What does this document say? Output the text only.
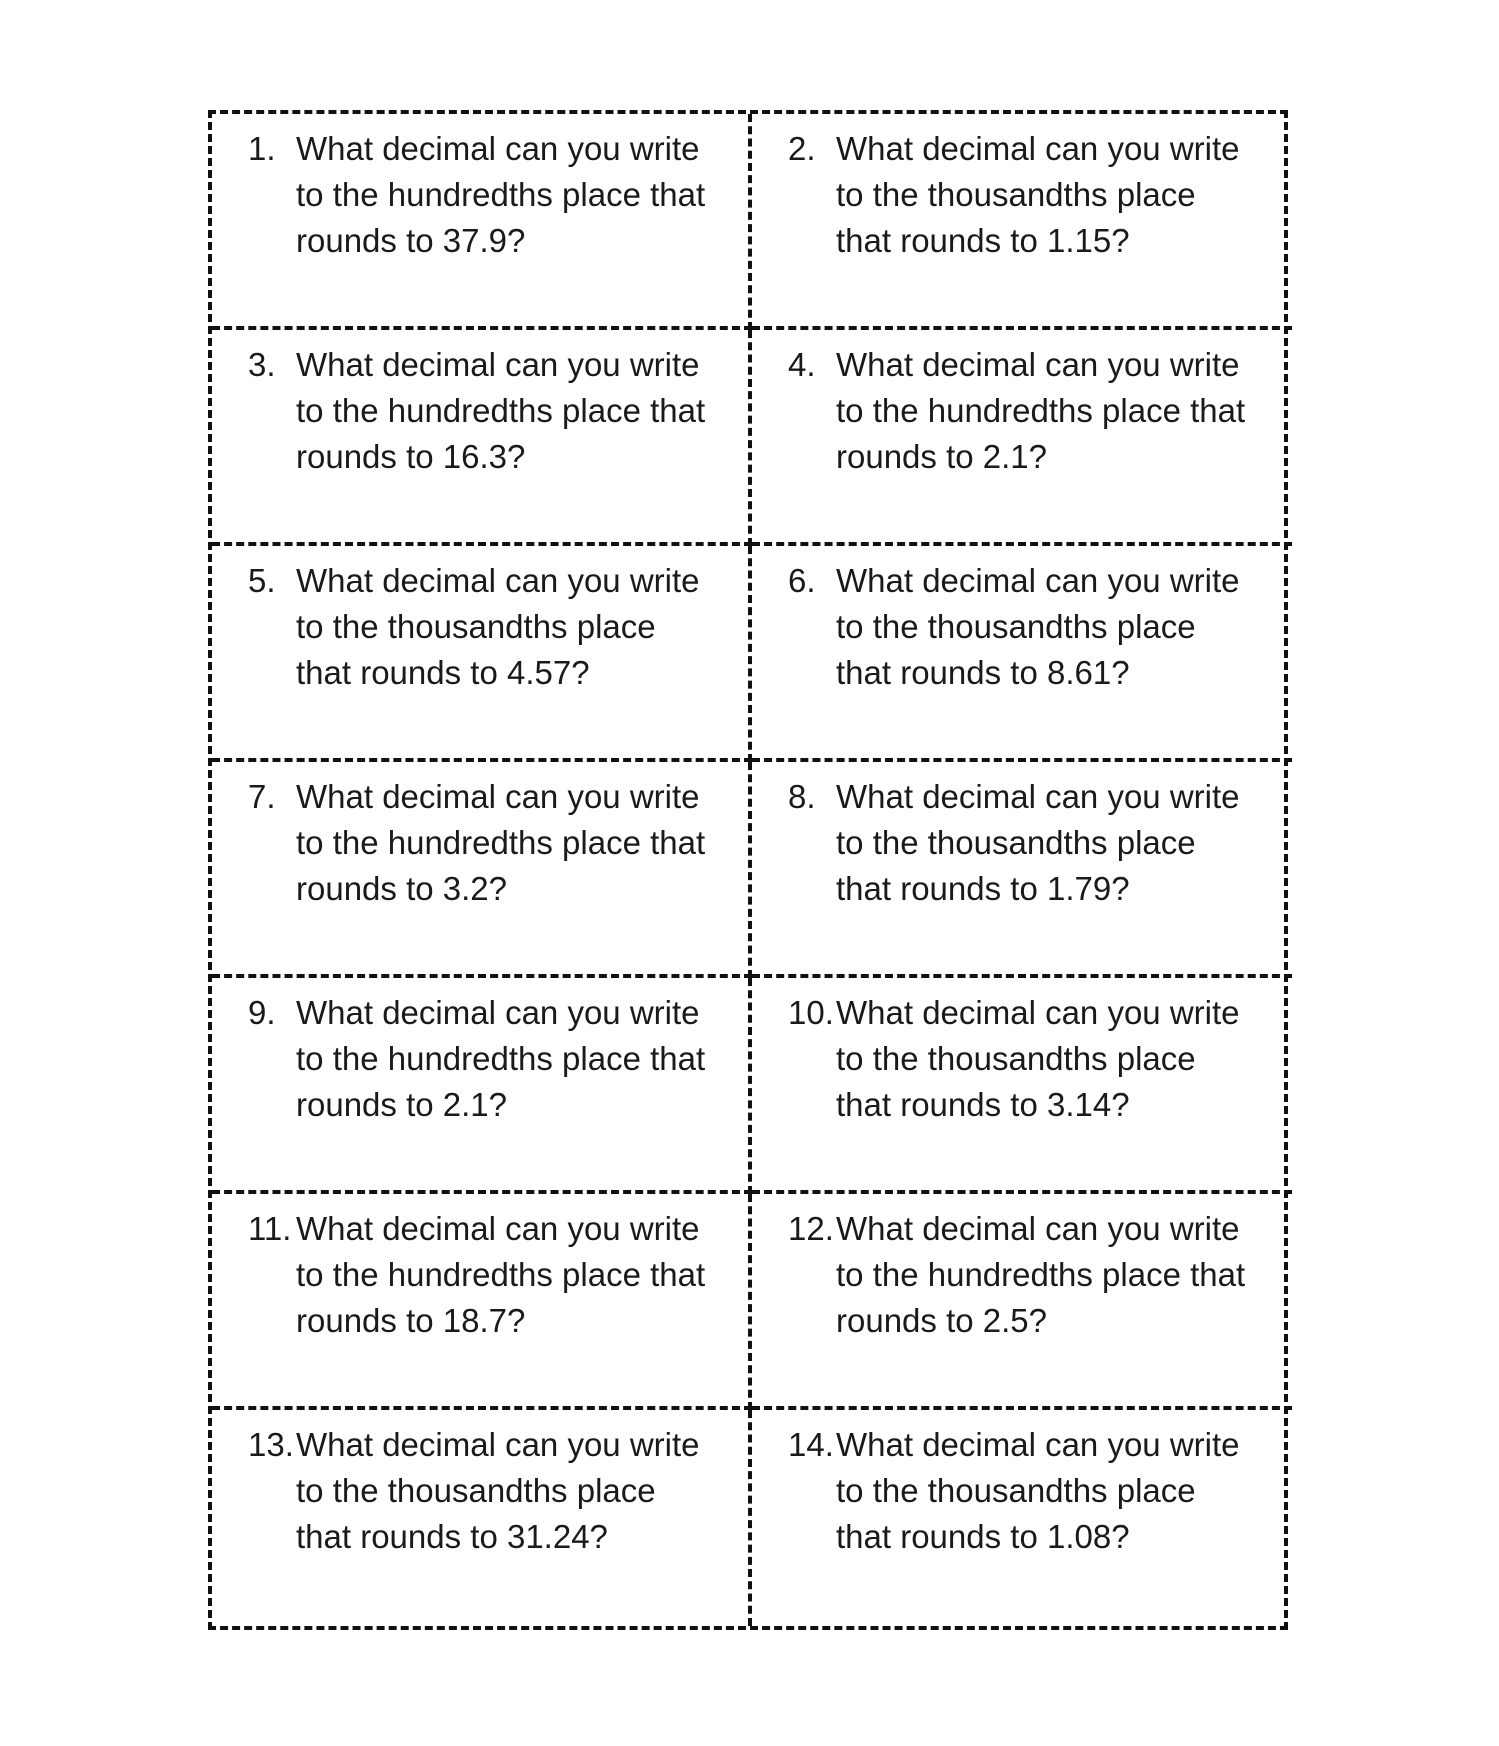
1. What decimal can you write
to the hundredths place that
rounds to 37.9?
2. What decimal can you write
to the thousandths place
that rounds to 1.15?
3. What decimal can you write
to the hundredths place that
rounds to 16.3?
4. What decimal can you write
to the hundredths place that
rounds to 2.1?
5. What decimal can you write
to the thousandths place
that rounds to 4.57?
6. What decimal can you write
to the thousandths place
that rounds to 8.61?
7. What decimal can you write
to the hundredths place that
rounds to 3.2?
8. What decimal can you write
to the thousandths place
that rounds to 1.79?
9. What decimal can you write
to the hundredths place that
rounds to 2.1?
10. What decimal can you write
to the thousandths place
that rounds to 3.14?
11. What decimal can you write
to the hundredths place that
rounds to 18.7?
12. What decimal can you write
to the hundredths place that
rounds to 2.5?
13. What decimal can you write
to the thousandths place
that rounds to 31.24?
14. What decimal can you write
to the thousandths place
that rounds to 1.08?
